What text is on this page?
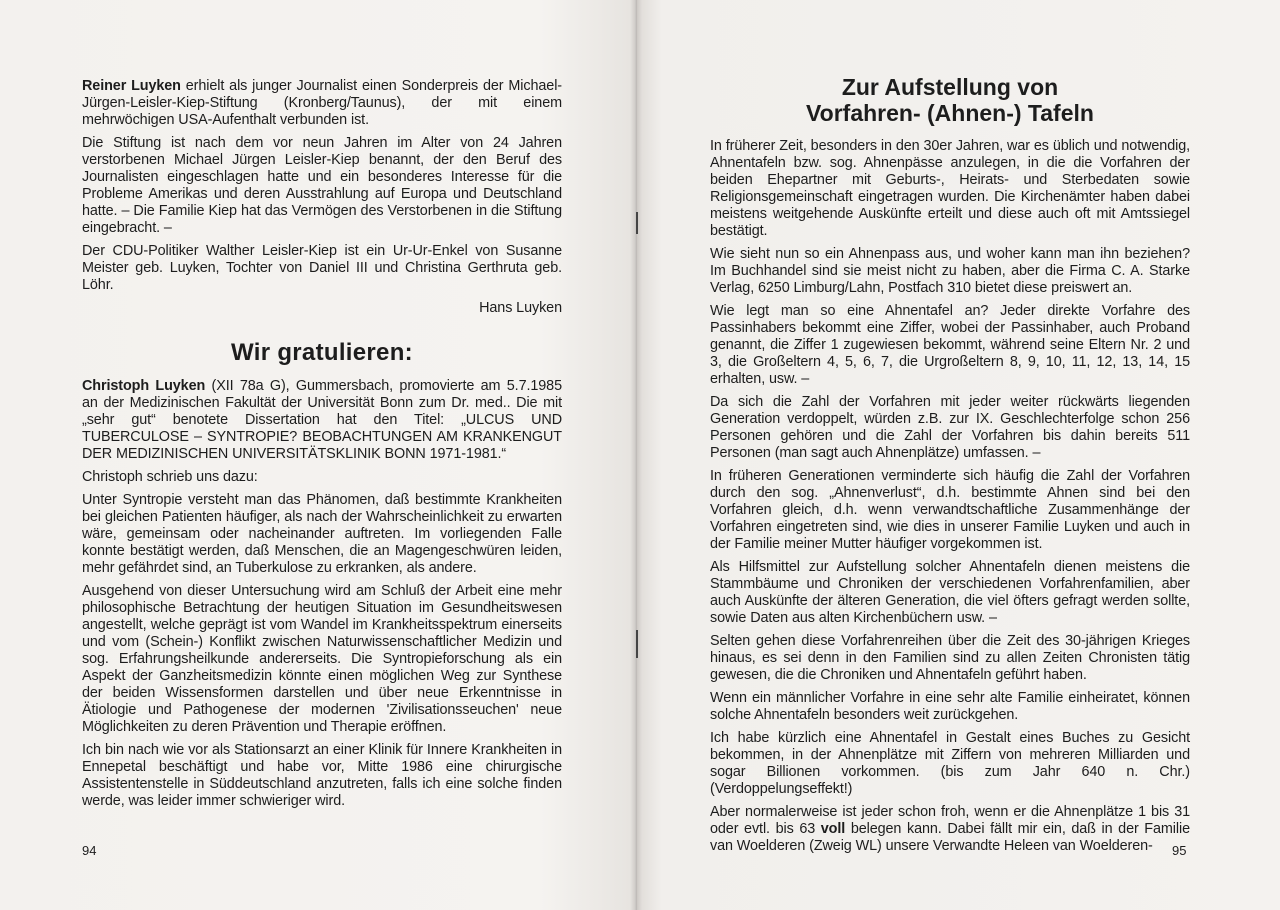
Reiner Luyken erhielt als junger Journalist einen Sonderpreis der Michael-Jürgen-Leisler-Kiep-Stiftung (Kronberg/Taunus), der mit einem mehrwöchigen USA-Aufenthalt verbunden ist.

Die Stiftung ist nach dem vor neun Jahren im Alter von 24 Jahren verstorbenen Michael Jürgen Leisler-Kiep benannt, der den Beruf des Journalisten eingeschlagen hatte und ein besonderes Interesse für die Probleme Amerikas und deren Ausstrahlung auf Europa und Deutschland hatte. – Die Familie Kiep hat das Vermögen des Verstorbenen in die Stiftung eingebracht. –

Der CDU-Politiker Walther Leisler-Kiep ist ein Ur-Ur-Enkel von Susanne Meister geb. Luyken, Tochter von Daniel III und Christina Gerthruta geb. Löhr.

Hans Luyken

Wir gratulieren:

Christoph Luyken (XII 78a G), Gummersbach, promovierte am 5.7.1985 an der Medizinischen Fakultät der Universität Bonn zum Dr. med.. Die mit „sehr gut“ benotete Dissertation hat den Titel: „ULCUS UND TUBERCULOSE – SYNTROPIE? BEOBACHTUNGEN AM KRANKENGUT DER MEDIZINISCHEN UNIVERSITÄTSKLINIK BONN 1971-1981.“

Christoph schrieb uns dazu:

Unter Syntropie versteht man das Phänomen, daß bestimmte Krankheiten bei gleichen Patienten häufiger, als nach der Wahrscheinlichkeit zu erwarten wäre, gemeinsam oder nacheinander auftreten. Im vorliegenden Falle konnte bestätigt werden, daß Menschen, die an Magengeschwüren leiden, mehr gefährdet sind, an Tuberkulose zu erkranken, als andere.

Ausgehend von dieser Untersuchung wird am Schluß der Arbeit eine mehr philosophische Betrachtung der heutigen Situation im Gesundheitswesen angestellt, welche geprägt ist vom Wandel im Krankheitsspektrum einerseits und vom (Schein-) Konflikt zwischen Naturwissenschaftlicher Medizin und sog. Erfahrungsheilkunde andererseits. Die Syntropieforschung als ein Aspekt der Ganzheitsmedizin könnte einen möglichen Weg zur Synthese der beiden Wissensformen darstellen und über neue Erkenntnisse in Ätiologie und Pathogenese der modernen 'Zivilisationsseuchen' neue Möglichkeiten zu deren Prävention und Therapie eröffnen.

Ich bin nach wie vor als Stationsarzt an einer Klinik für Innere Krankheiten in Ennepetal beschäftigt und habe vor, Mitte 1986 eine chirurgische Assistentenstelle in Süddeutschland anzutreten, falls ich eine solche finden werde, was leider immer schwieriger wird.

94
Zur Aufstellung von
Vorfahren- (Ahnen-) Tafeln

In früherer Zeit, besonders in den 30er Jahren, war es üblich und notwendig, Ahnentafeln bzw. sog. Ahnenpässe anzulegen, in die die Vorfahren der beiden Ehepartner mit Geburts-, Heirats- und Sterbedaten sowie Religionsgemeinschaft eingetragen wurden. Die Kirchenämter haben dabei meistens weitgehende Auskünfte erteilt und diese auch oft mit Amtssiegel bestätigt.

Wie sieht nun so ein Ahnenpass aus, und woher kann man ihn beziehen? Im Buchhandel sind sie meist nicht zu haben, aber die Firma C. A. Starke Verlag, 6250 Limburg/Lahn, Postfach 310 bietet diese preiswert an.

Wie legt man so eine Ahnentafel an? Jeder direkte Vorfahre des Passinhabers bekommt eine Ziffer, wobei der Passinhaber, auch Proband genannt, die Ziffer 1 zugewiesen bekommt, während seine Eltern Nr. 2 und 3, die Großeltern 4, 5, 6, 7, die Urgroßeltern 8, 9, 10, 11, 12, 13, 14, 15 erhalten, usw. –

Da sich die Zahl der Vorfahren mit jeder weiter rückwärts liegenden Generation verdoppelt, würden z.B. zur IX. Geschlechterfolge schon 256 Personen gehören und die Zahl der Vorfahren bis dahin bereits 511 Personen (man sagt auch Ahnenplätze) umfassen. –

In früheren Generationen verminderte sich häufig die Zahl der Vorfahren durch den sog. „Ahnenverlust“, d.h. bestimmte Ahnen sind bei den Vorfahren gleich, d.h. wenn verwandtschaftliche Zusammenhänge der Vorfahren eingetreten sind, wie dies in unserer Familie Luyken und auch in der Familie meiner Mutter häufiger vorgekommen ist.

Als Hilfsmittel zur Aufstellung solcher Ahnentafeln dienen meistens die Stammbäume und Chroniken der verschiedenen Vorfahrenfamilien, aber auch Auskünfte der älteren Generation, die viel öfters gefragt werden sollte, sowie Daten aus alten Kirchenbüchern usw. –

Selten gehen diese Vorfahrenreihen über die Zeit des 30-jährigen Krieges hinaus, es sei denn in den Familien sind zu allen Zeiten Chronisten tätig gewesen, die die Chroniken und Ahnentafeln geführt haben.

Wenn ein männlicher Vorfahre in eine sehr alte Familie einheiratet, können solche Ahnentafeln besonders weit zurückgehen.

Ich habe kürzlich eine Ahnentafel in Gestalt eines Buches zu Gesicht bekommen, in der Ahnenplätze mit Ziffern von mehreren Milliarden und sogar Billionen vorkommen. (bis zum Jahr 640 n. Chr.) (Verdoppelungseffekt!)

Aber normalerweise ist jeder schon froh, wenn er die Ahnenplätze 1 bis 31 oder evtl. bis 63 voll belegen kann. Dabei fällt mir ein, daß in der Familie van Woelderen (Zweig WL) unsere Verwandte Heleen van Woelderen-	95
